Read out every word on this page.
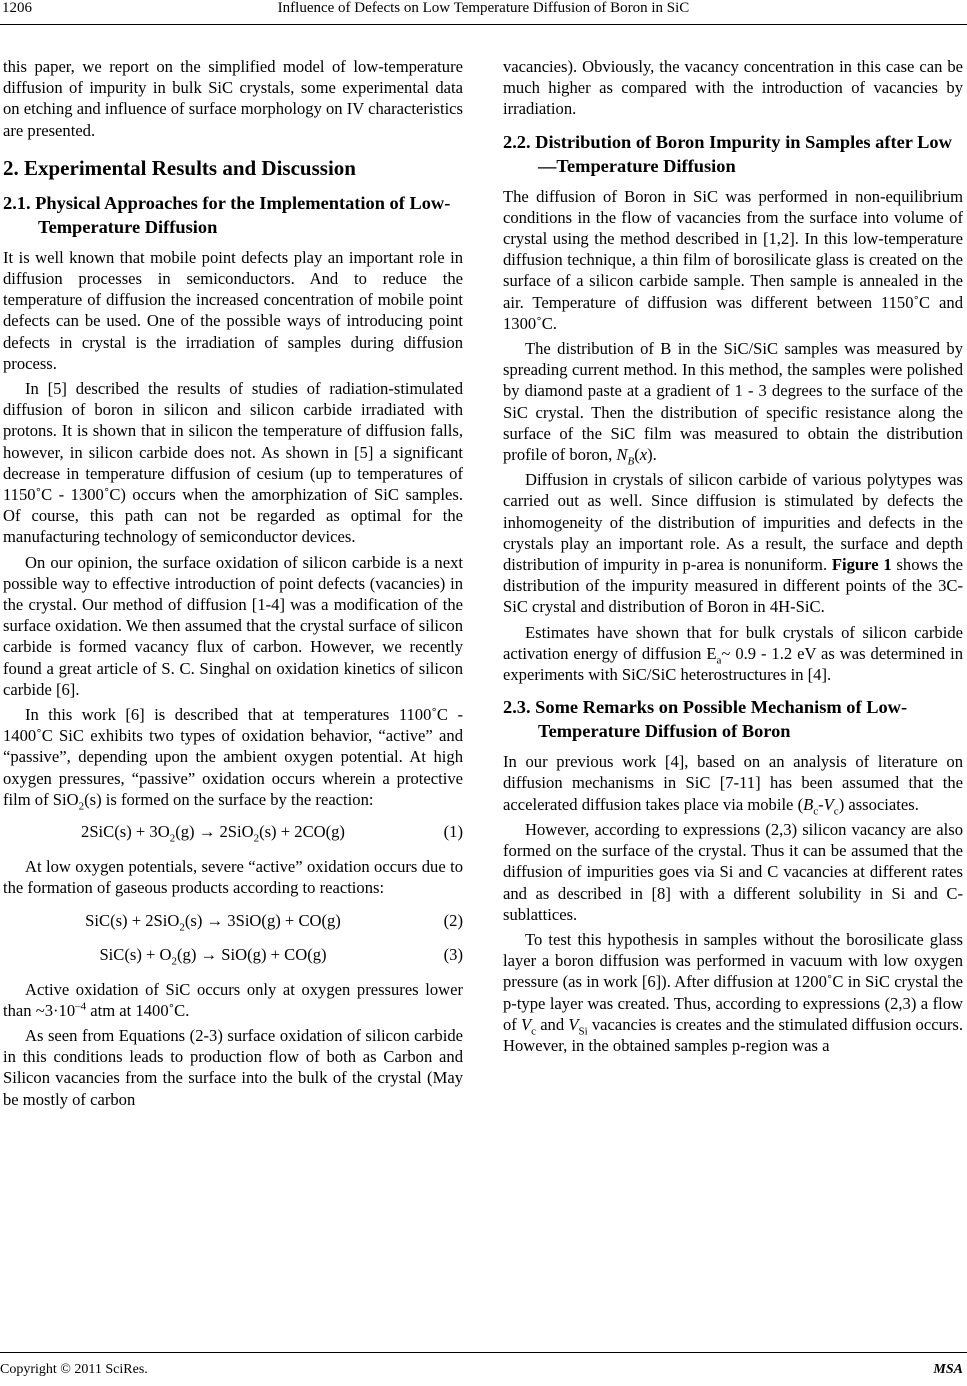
1206	Influence of Defects on Low Temperature Diffusion of Boron in SiC

this paper, we report on the simplified model of low-temperature diffusion of impurity in bulk SiC crystals, some experimental data on etching and influence of surface morphology on IV characteristics are presented.

2. Experimental Results and Discussion
2.1. Physical Approaches for the Implementation of Low-Temperature Diffusion

It is well known that mobile point defects play an important role in diffusion processes in semiconductors. And to reduce the temperature of diffusion the increased concentration of mobile point defects can be used. One of the possible ways of introducing point defects in crystal is the irradiation of samples during diffusion process.

In [5] described the results of studies of radiation-stimulated diffusion of boron in silicon and silicon carbide irradiated with protons. It is shown that in silicon the temperature of diffusion falls, however, in silicon carbide does not. As shown in [5] a significant decrease in temperature diffusion of cesium (up to temperatures of 1150˚C - 1300˚C) occurs when the amorphization of SiC samples. Of course, this path can not be regarded as optimal for the manufacturing technology of semiconductor devices.

On our opinion, the surface oxidation of silicon carbide is a next possible way to effective introduction of point defects (vacancies) in the crystal. Our method of diffusion [1-4] was a modification of the surface oxidation. We then assumed that the crystal surface of silicon carbide is formed vacancy flux of carbon. However, we recently found a great article of S. C. Singhal on oxidation kinetics of silicon carbide [6].

In this work [6] is described that at temperatures 1100˚C - 1400˚C SiC exhibits two types of oxidation behavior, “active” and “passive”, depending upon the ambient oxygen potential. At high oxygen pressures, “passive” oxidation occurs wherein a protective film of SiO$_2$(s) is formed on the surface by the reaction:

$2SiC(s) + 3O_2(g) \to 2SiO_2(s) + 2CO(g)$	(1)

At low oxygen potentials, severe “active” oxidation occurs due to the formation of gaseous products according to reactions:

SiC(s) + 2SiO$_2$(s) → 3SiO(g) + CO(g)	(2)
$SiC(s) + O_2(g) \to SiO(g) + CO(g)$	(3)

Active oxidation of SiC occurs only at oxygen pressures lower than $\sim 3\cdot 10^{-4}$ atm at 1400˚C.

As seen from Equations (2-3) surface oxidation of silicon carbide in this conditions leads to production flow of both as Carbon and Silicon vacancies from the surface into the bulk of the crystal (May be mostly of carbon

vacancies). Obviously, the vacancy concentration in this case can be much higher as compared with the introduction of vacancies by irradiation.

2.2. Distribution of Boron Impurity in Samples after Low—Temperature Diffusion

The diffusion of Boron in SiC was performed in non-equilibrium conditions in the flow of vacancies from the surface into volume of crystal using the method described in [1,2]. In this low-temperature diffusion technique, a thin film of borosilicate glass is created on the surface of a silicon carbide sample. Then sample is annealed in the air. Temperature of diffusion was different between 1150˚C and 1300˚C.

The distribution of B in the SiC/SiC samples was measured by spreading current method. In this method, the samples were polished by diamond paste at a gradient of 1 - 3 degrees to the surface of the SiC crystal. Then the distribution of specific resistance along the surface of the SiC film was measured to obtain the distribution profile of boron, $N_B(x)$.

Diffusion in crystals of silicon carbide of various polytypes was carried out as well. Since diffusion is stimulated by defects the inhomogeneity of the distribution of impurities and defects in the crystals play an important role. As a result, the surface and depth distribution of impurity in p-area is nonuniform. Figure 1 shows the distribution of the impurity measured in different points of the 3C-SiC crystal and distribution of Boron in 4H-SiC.

Estimates have shown that for bulk crystals of silicon carbide activation energy of diffusion $E_a\sim$ 0.9 - 1.2 eV as was determined in experiments with SiC/SiC heterostructures in [4].

2.3. Some Remarks on Possible Mechanism of Low-Temperature Diffusion of Boron

In our previous work [4], based on an analysis of literature on diffusion mechanisms in SiC [7-11] has been assumed that the accelerated diffusion takes place via mobile $(B_c-V_c)$ associates.

However, according to expressions (2,3) silicon vacancy are also formed on the surface of the crystal. Thus it can be assumed that the diffusion of impurities goes via Si and C vacancies at different rates and as described in [8] with a different solubility in Si and C-sublattices.

To test this hypothesis in samples without the borosilicate glass layer a boron diffusion was performed in vacuum with low oxygen pressure (as in work [6]). After diffusion at 1200˚C in SiC crystal the p-type layer was created. Thus, according to expressions (2,3) a flow of $V_c$ and $V_{Si}$ vacancies is creates and the stimulated diffusion occurs. However, in the obtained samples p-region was a

Copyright © 2011 SciRes.	MSA
